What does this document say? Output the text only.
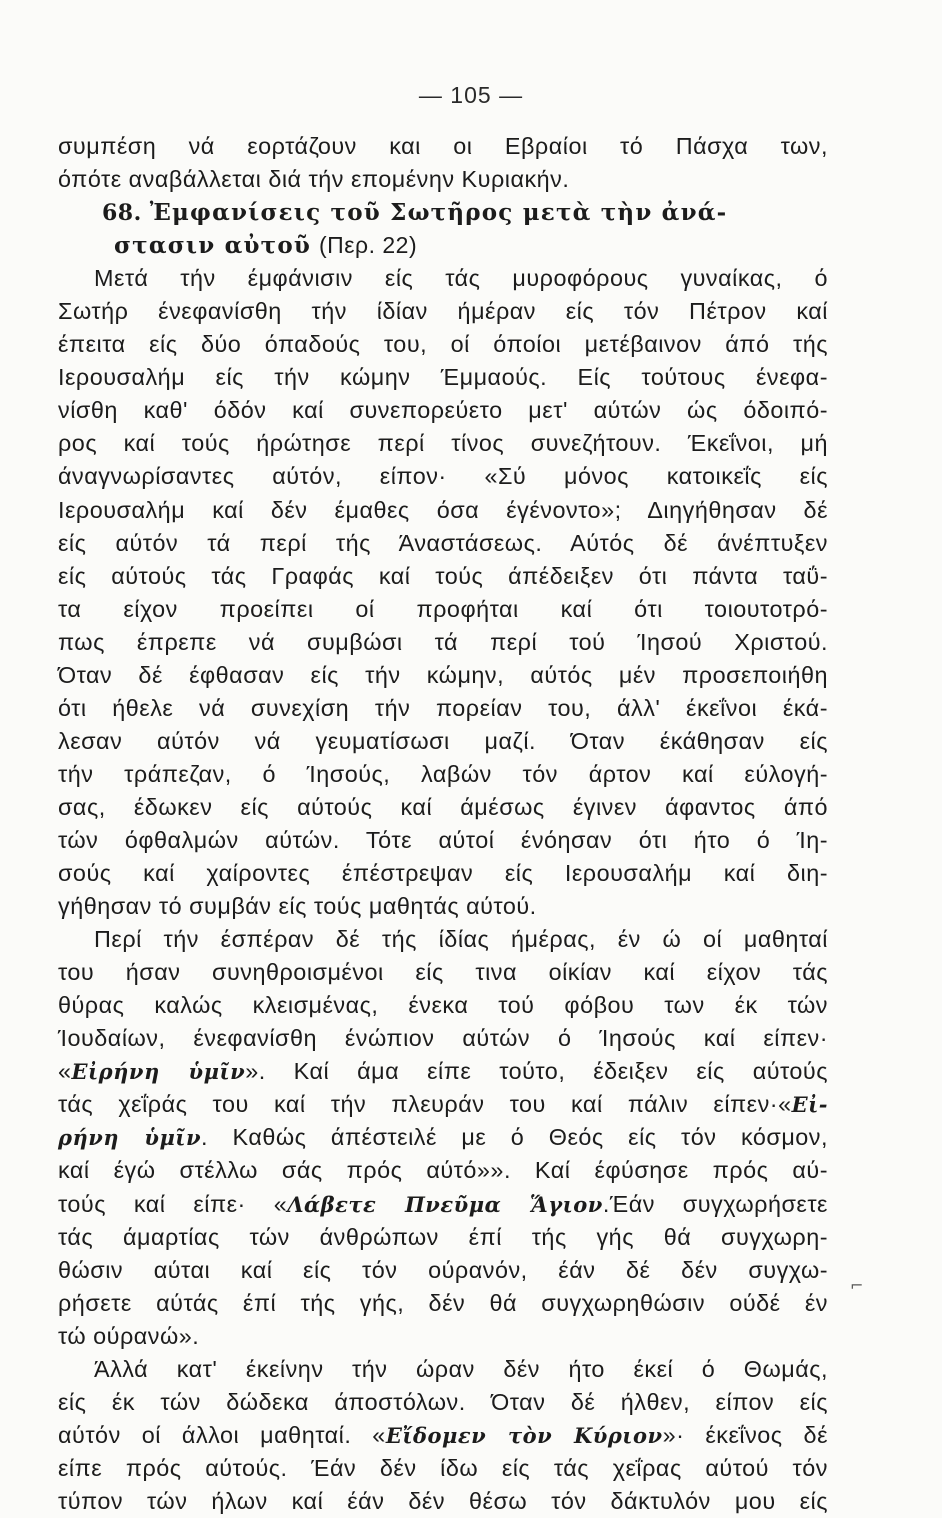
— 105 —
συμπέση νά εορτάζουν και οι Εβραίοι τό Πάσχα των,
όπότε αναβάλλεται διά τήν επομένην Κυριακήν.
68. Ἐμφανίσεις τοῦ Σωτῆρος μετὰ τὴν ἀνά-
στασιν αὐτοῦ (Περ. 22)
Μετά τήν έμφάνισιν είς τάς μυροφόρους γυναίκας, ό
Σωτήρ ένεφανίσθη τήν ίδίαν ήμέραν είς τόν Πέτρον καί
έπειτα είς δύο όπαδούς του, οί όποίοι μετέβαινον άπό τής
Ιερουσαλήμ είς τήν κώμην Έμμαούς. Είς τούτους ένεφα-
νίσθη καθ' όδόν καί συνεπορεύετο μετ' αύτών ώς όδοιπό-
ρος καί τούς ήρώτησε περί τίνος συνεζήτουν. Έκεΐνοι, μή
άναγνωρίσαντες αύτόν, είπον· «Σύ μόνος κατοικεΐς είς
Ιερουσαλήμ καί δέν έμαθες όσα έγένοντο»; Διηγήθησαν δέ
είς αύτόν τά περί τής Άναστάσεως. Αύτός δέ άνέπτυξεν
είς αύτούς τάς Γραφάς καί τούς άπέδειξεν ότι πάντα ταΰ-
τα είχον προείπει οί προφήται καί ότι τοιουτοτρό-
πως έπρεπε νά συμβώσι τά περί τού Ίησού Χριστού.
Όταν δέ έφθασαν είς τήν κώμην, αύτός μέν προσεποιήθη
ότι ήθελε νά συνεχίση τήν πορείαν του, άλλ' έκεΐνοι έκά-
λεσαν αύτόν νά γευματίσωσι μαζί. Όταν έκάθησαν είς
τήν τράπεζαν, ό Ίησούς, λαβών τόν άρτον καί εύλογή-
σας, έδωκεν είς αύτούς καί άμέσως έγινεν άφαντος άπό
τών όφθαλμών αύτών. Τότε αύτοί ένόησαν ότι ήτο ό Ίη-
σούς καί χαίροντες έπέστρεψαν είς Ιερουσαλήμ καί διη-
γήθησαν τό συμβάν είς τούς μαθητάς αύτού.
Περί τήν έσπέραν δέ τής ίδίας ήμέρας, έν ώ οί μαθηταί
του ήσαν συνηθροισμένοι είς τινα οίκίαν καί είχον τάς
θύρας καλώς κλεισμένας, ένεκα τού φόβου των έκ τών
Ίουδαίων, ένεφανίσθη ένώπιον αύτών ό Ίησούς καί είπεν·
«Εἰρήνη ὑμῖν». Καί άμα είπε τούτο, έδειξεν είς αύτούς
τάς χεΐράς του καί τήν πλευράν του καί πάλιν είπεν·«Εἰ-
ρήνη ὑμῖν. Καθώς άπέστειλέ με ό Θεός είς τόν κόσμον,
καί έγώ στέλλω σάς πρός αύτό»». Καί έφύσησε πρός αύ-
τούς καί είπε· «Λάβετε Πνεῦμα Ἅγιον.Έάν συγχωρήσετε
τάς άμαρτίας τών άνθρώπων έπί τής γής θά συγχωρη-
θώσιν αύται καί είς τόν ούρανόν, έάν δέ δέν συγχω-
ρήσετε αύτάς έπί τής γής, δέν θά συγχωρηθώσιν ούδέ έν
τώ ούρανώ».
Άλλά κατ' έκείνην τήν ώραν δέν ήτο έκεί ό Θωμάς,
είς έκ τών δώδεκα άποστόλων. Όταν δέ ήλθεν, είπον είς
αύτόν οί άλλοι μαθηταί. «Εἴδομεν τὸν Κύριον»· έκεΐνος δέ
είπε πρός αύτούς. Έάν δέν ίδω είς τάς χεΐρας αύτού τόν
τύπον τών ήλων καί έάν δέν θέσω τόν δάκτυλόν μου είς
⌐
